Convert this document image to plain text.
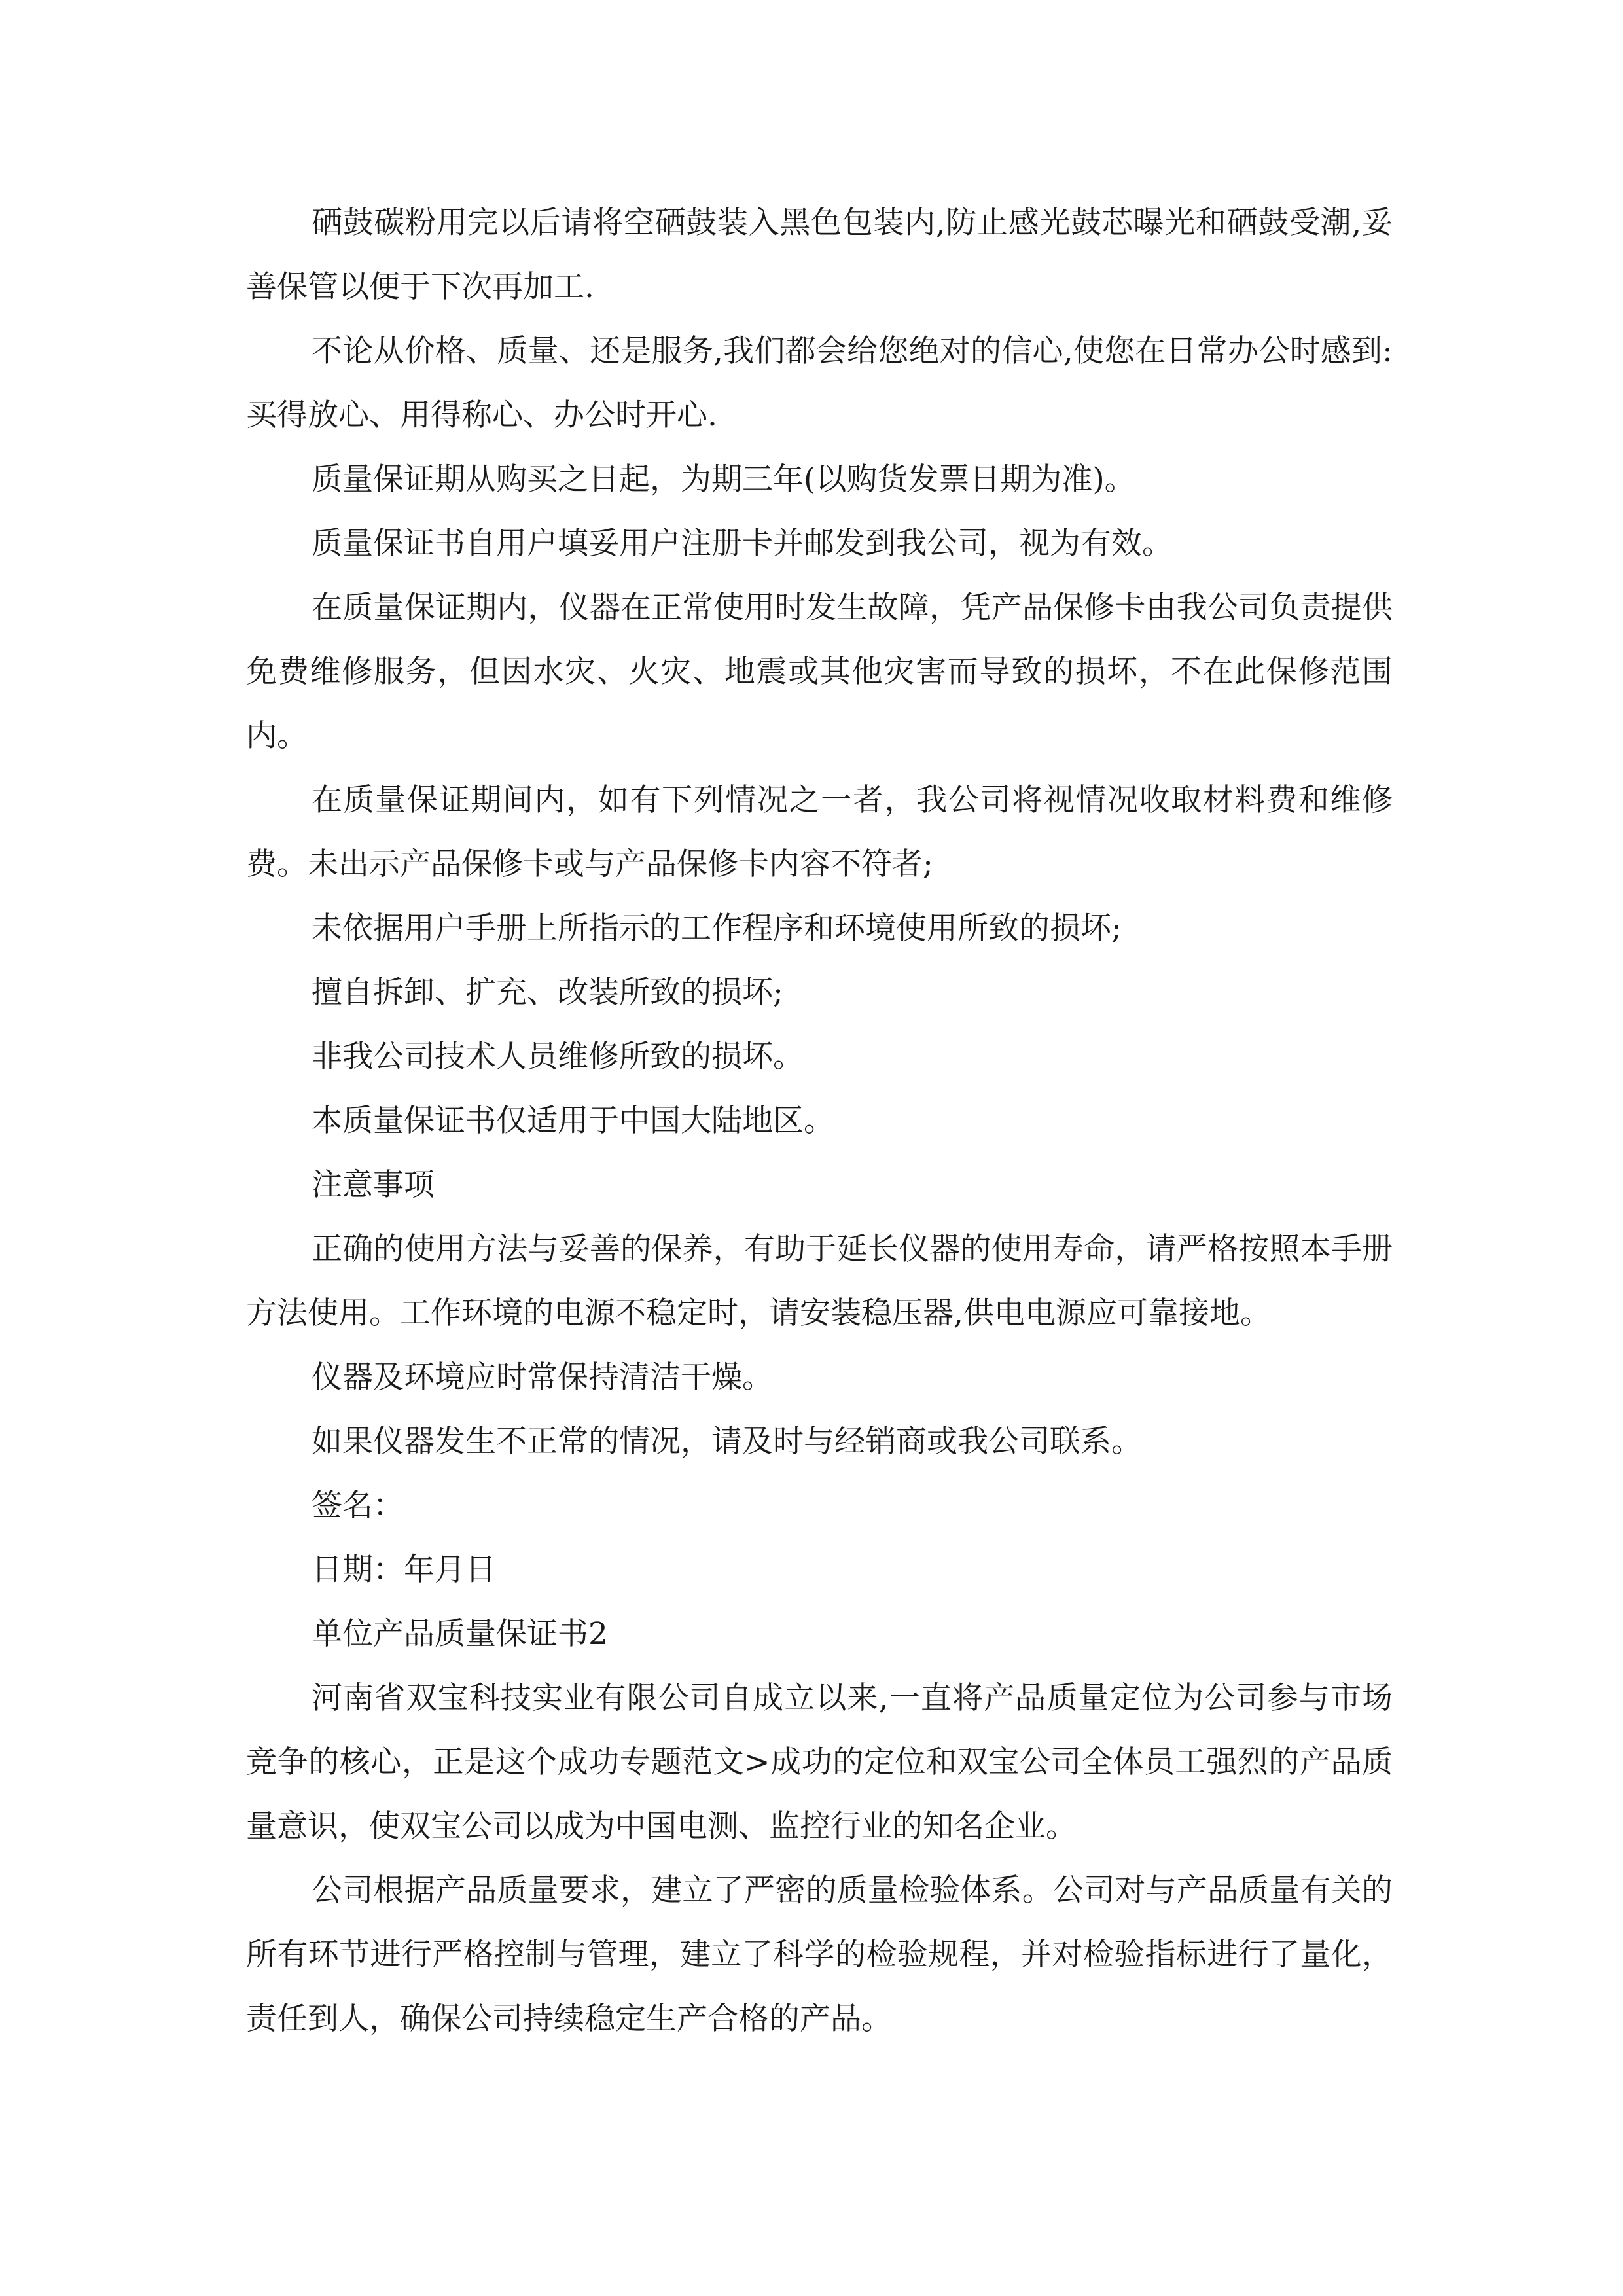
硒鼓碳粉用完以后请将空硒鼓装入黑色包装内,防止感光鼓芯曝光和硒鼓受潮,妥善保管以便于下次再加工.

不论从价格、质量、还是服务,我们都会给您绝对的信心,使您在日常办公时感到:买得放心、用得称心、办公时开心.

质量保证期从购买之日起，为期三年(以购货发票日期为准)。

质量保证书自用户填妥用户注册卡并邮发到我公司，视为有效。

在质量保证期内，仪器在正常使用时发生故障，凭产品保修卡由我公司负责提供免费维修服务，但因水灾、火灾、地震或其他灾害而导致的损坏，不在此保修范围内。

在质量保证期间内，如有下列情况之一者，我公司将视情况收取材料费和维修费。未出示产品保修卡或与产品保修卡内容不符者;

未依据用户手册上所指示的工作程序和环境使用所致的损坏;

擅自拆卸、扩充、改装所致的损坏;

非我公司技术人员维修所致的损坏。

本质量保证书仅适用于中国大陆地区。

注意事项

正确的使用方法与妥善的保养，有助于延长仪器的使用寿命，请严格按照本手册方法使用。工作环境的电源不稳定时，请安装稳压器,供电电源应可靠接地。

仪器及环境应时常保持清洁干燥。

如果仪器发生不正常的情况，请及时与经销商或我公司联系。

签名：

日期：年月日

单位产品质量保证书2

河南省双宝科技实业有限公司自成立以来,一直将产品质量定位为公司参与市场竞争的核心，正是这个成功专题范文>成功的定位和双宝公司全体员工强烈的产品质量意识，使双宝公司以成为中国电测、监控行业的知名企业。

公司根据产品质量要求，建立了严密的质量检验体系。公司对与产品质量有关的所有环节进行严格控制与管理，建立了科学的检验规程，并对检验指标进行了量化，责任到人，确保公司持续稳定生产合格的产品。
